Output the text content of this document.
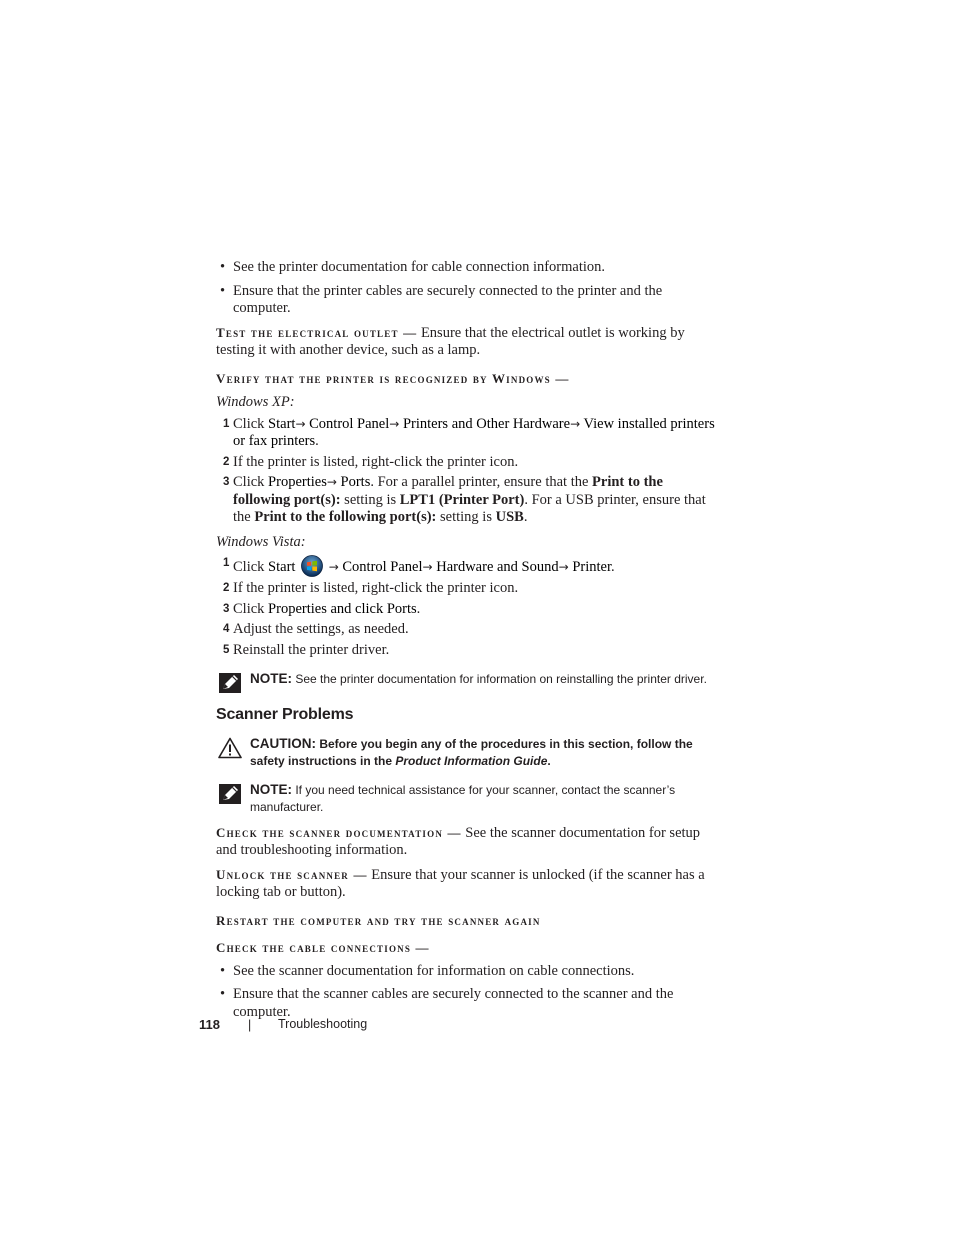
• See the printer documentation for cable connection information.

• Ensure that the printer cables are securely connected to the printer and the computer.

Test the electrical outlet — Ensure that the electrical outlet is working by testing it with another device, such as a lamp.

Verify that the printer is recognized by Windows —

Windows XP:

1 Click Start→ Control Panel→ Printers and Other Hardware→ View installed printers or fax printers.

2 If the printer is listed, right-click the printer icon.

3 Click Properties→ Ports. For a parallel printer, ensure that the Print to the following port(s): setting is LPT1 (Printer Port). For a USB printer, ensure that the Print to the following port(s): setting is USB.

Windows Vista:

1 Click Start	→ Control Panel→ Hardware and Sound→ Printer.

2 If the printer is listed, right-click the printer icon.

3 Click Properties and click Ports.

4 Adjust the settings, as needed.

5 Reinstall the printer driver.

NOTE: See the printer documentation for information on reinstalling the printer driver.
Scanner Problems
CAUTION: Before you begin any of the procedures in this section, follow the safety instructions in the Product Information Guide.
NOTE: If you need technical assistance for your scanner, contact the scanner’s manufacturer.

Check the scanner documentation — See the scanner documentation for setup and troubleshooting information.

Unlock the scanner — Ensure that your scanner is unlocked (if the scanner has a locking tab or button).

Restart the computer and try the scanner again

Check the cable connections —

• See the scanner documentation for information on cable connections.

• Ensure that the scanner cables are securely connected to the scanner and the computer.

118 | Troubleshooting
